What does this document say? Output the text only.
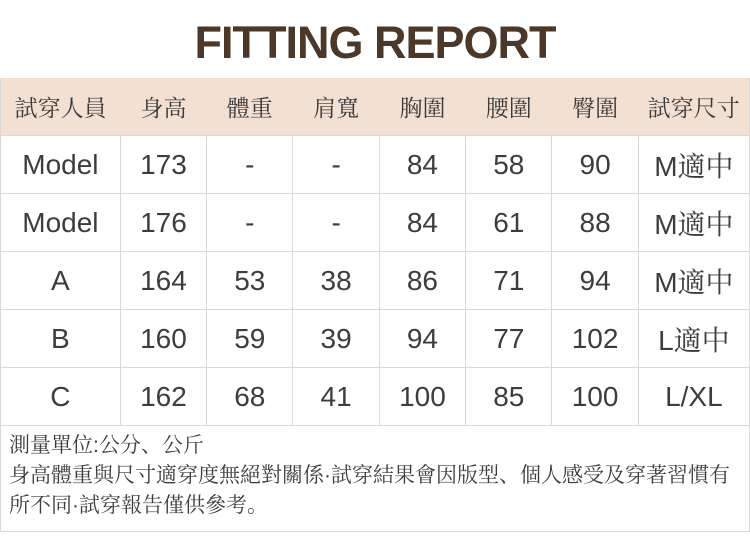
FITTING REPORT
試穿人員	身高	體重	肩寬	胸圍	腰圍	臀圍	試穿尺寸
Model	173	-	-	84	58	90	M適中
Model	176	-	-	84	61	88	M適中
A	164	53	38	86	71	94	M適中
B	160	59	39	94	77	102	L適中
C	162	68	41	100	85	100	L/XL

測量單位:公分、公斤

身高體重與尺寸適穿度無絕對關係·試穿結果會因版型、個人感受及穿著習慣有所不同·試穿報告僅供參考。							
